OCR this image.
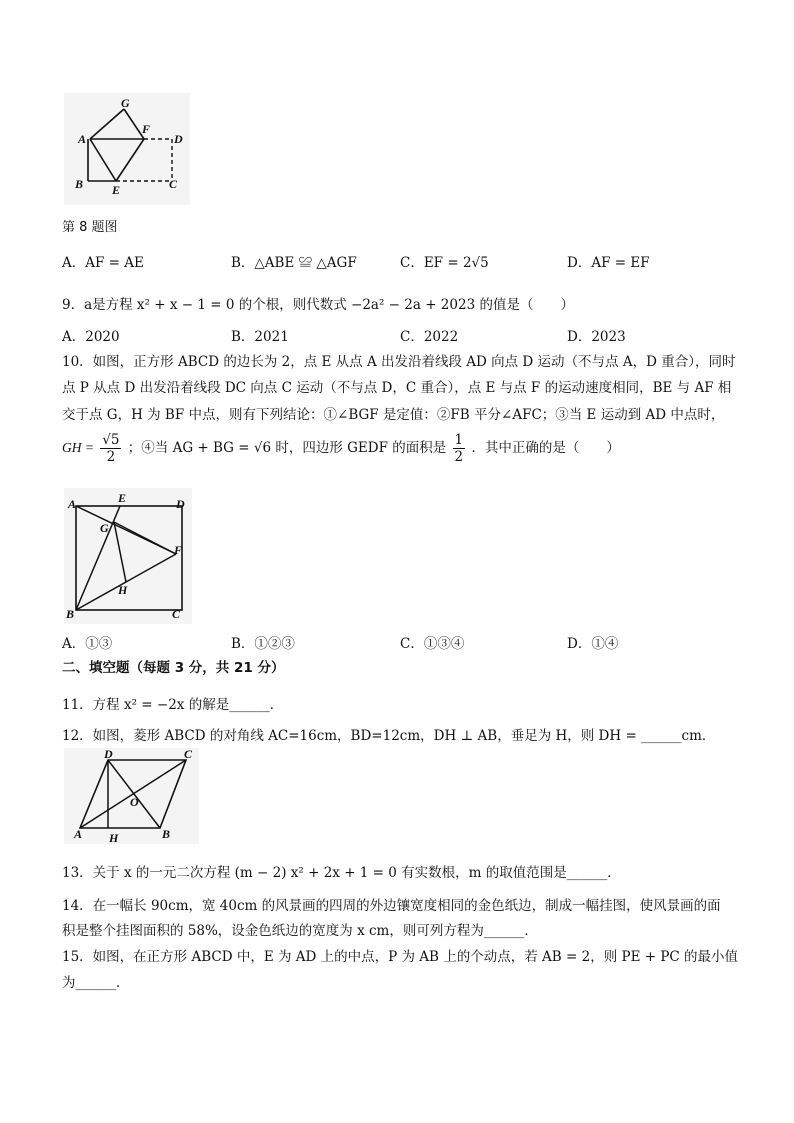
G
A
F
D
B E	C
第 8 题图
A．AF = AE	B．△ABE ≌ △AGF	C．EF = 2√5	D．AF = EF
9．a是方程 x² + x − 1 = 0 的个根，则代数式 −2a² − 2a + 2023 的值是（　　）
A．2020	B．2021	C．2022	D．2023
10．如图，正方形 ABCD 的边长为 2，点 E 从点 A 出发沿着线段 AD 向点 D 运动（不与点 A，D 重合），同时
点 P 从点 D 出发沿着线段 DC 向点 C 运动（不与点 D，C 重合），点 E 与点 F 的运动速度相同，BE 与 AF 相
交于点 G，H 为 BF 中点，则有下列结论：①∠BGF 是定值：②FB 平分∠AFC；③当 E 运动到 AD 中点时，
GH = $\frac{√5}{2}$ ；④当 AG + BG = √6 时，四边形 GEDF 的面积是 $\frac{1}{2}$ ．其中正确的是（　　）
A	E	D
G
F
H
B	C
A．①③	B．①②③	C．①③④	D．①④
二、填空题（每题 3 分，共 21 分）
11．方程 x² = −2x 的解是______．
12．如图，菱形 ABCD 的对角线 AC=16cm，BD=12cm，DH ⊥ AB，垂足为 H，则 DH = ______cm．
D	C
O
A H	B
13．关于 x 的一元二次方程 (m − 2) x² + 2x + 1 = 0 有实数根，m 的取值范围是______．
14．在一幅长 90cm，宽 40cm 的风景画的四周的外边镶宽度相同的金色纸边，制成一幅挂图，使风景画的面
积是整个挂图面积的 58%，设金色纸边的宽度为 x cm，则可列方程为______．
15．如图，在正方形 ABCD 中，E 为 AD 上的中点，P 为 AB 上的个动点，若 AB = 2，则 PE + PC 的最小值
为______．
